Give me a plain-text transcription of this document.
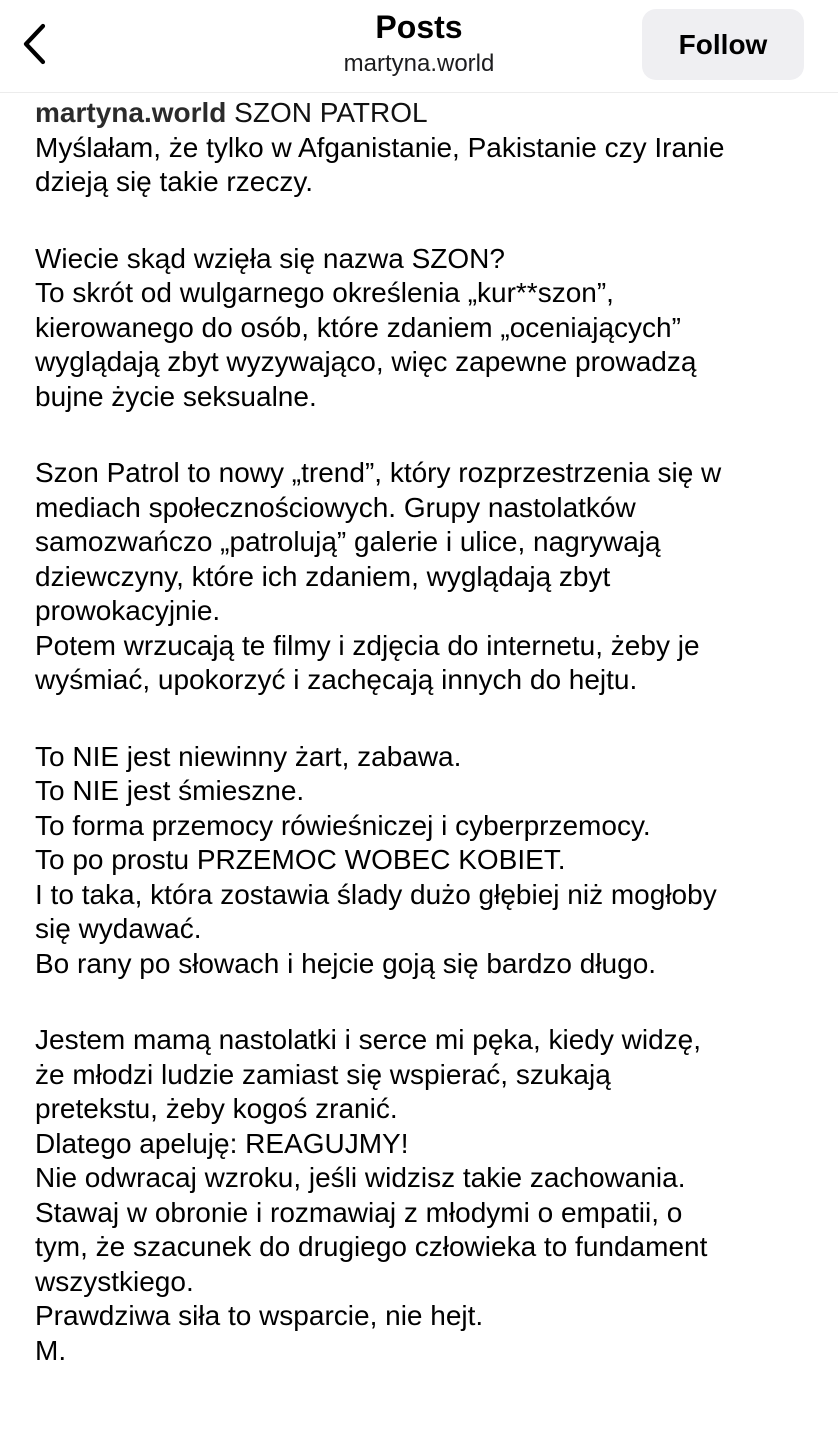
Posts
martyna.world
Follow
martyna.world SZON PATROL
Myślałam, że tylko w Afganistanie, Pakistanie czy Iranie
dzieją się takie rzeczy.
Wiecie skąd wzięła się nazwa SZON?
To skrót od wulgarnego określenia „kur**szon”,
kierowanego do osób, które zdaniem „oceniających”
wyglądają zbyt wyzywająco, więc zapewne prowadzą
bujne życie seksualne.
Szon Patrol to nowy „trend”, który rozprzestrzenia się w
mediach społecznościowych. Grupy nastolatków
samozwańczo „patrolują” galerie i ulice, nagrywają
dziewczyny, które ich zdaniem, wyglądają zbyt
prowokacyjnie.
Potem wrzucają te filmy i zdjęcia do internetu, żeby je
wyśmiać, upokorzyć i zachęcają innych do hejtu.
To NIE jest niewinny żart, zabawa.
To NIE jest śmieszne.
To forma przemocy rówieśniczej i cyberprzemocy.
To po prostu PRZEMOC WOBEC KOBIET.
I to taka, która zostawia ślady dużo głębiej niż mogłoby
się wydawać.
Bo rany po słowach i hejcie goją się bardzo długo.
Jestem mamą nastolatki i serce mi pęka, kiedy widzę,
że młodzi ludzie zamiast się wspierać, szukają
pretekstu, żeby kogoś zranić.
Dlatego apeluję: REAGUJMY!
Nie odwracaj wzroku, jeśli widzisz takie zachowania.
Stawaj w obronie i rozmawiaj z młodymi o empatii, o
tym, że szacunek do drugiego człowieka to fundament
wszystkiego.
Prawdziwa siła to wsparcie, nie hejt.
M.
